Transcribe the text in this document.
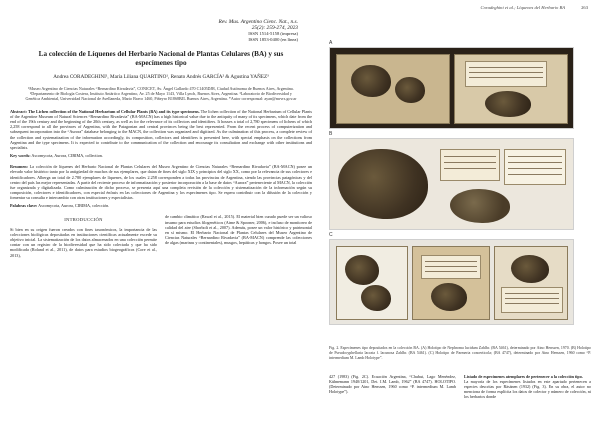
Coradeghini et al.; Líquenes del Herbario BA	263
Rev. Mus. Argentino Cienc. Nat., n.s.
25(2): 259-274, 2023
ISSN 1514-5158 (impresa)
ISSN 1853-0400 (en línea)
La colección de Líquenes del Herbario Nacional de Plantas Celulares (BA) y sus especímenes tipo
Andrea CORADEGHINI¹, María Liliana QUARTINO¹, Renato Andrés GARCÍA² & Agustina YAÑEZ³
¹Museo Argentino de Ciencias Naturales “Bernardino Rivadavia”, CONICET, Av. Ángel Gallardo 470 C1405DJR, Ciudad Autónoma de Buenos Aires, Argentina. ²Departamento de Biología Costera, Instituto Antártico Argentino, Av. 25 de Mayo 1143, Villa Lynch, Buenos Aires, Argentina. ³Laboratorio de Biodiversidad y Genética Ambiental, Universidad Nacional de Avellaneda, Mario Bravo 1460, Piñeyro B1868BJL Buenos Aires, Argentina. *Autor corresponsal: ayan@mrvrs.gov.ar
Abstract: The Lichen collection of the National Herbarium of Cellular Plants (BA) and its type specimens. The lichen collection of the National Herbarium of Cellular Plants of the Argentine Museum of Natural Sciences “Bernardino Rivadavia” (BA-MACN) has a high historical value due to the antiquity of many of its specimens, which date from the end of the 19th century and the beginning of the 20th century, as well as for the relevance of its collectors and identifiers. It houses a total of 2,780 specimens of lichens of which 2,258 correspond to all the provinces of Argentina, with the Patagonian and central provinces being the best represented. From the recent process of computerization and subsequent incorporation into the “Aurora” database belonging to the MACN, the collection was organized and digitized. As the culmination of this process, a complete review of the collection and systematization of the information accordingly, its composition, collectors and identifiers is presented here, with special emphasis on the collections from Argentina and the type specimens. It is expected to contribute to the communication of the collection and encourage its consultation and exchange with other institutions and specialists.
Key words: Ascomycota, Aurora, CIBIMA, collection.
Resumen: La colección de líquenes del Herbario Nacional de Plantas Celulares del Museo Argentino de Ciencias Naturales “Bernardino Rivadavia” (BA-MACN) posee un elevado valor histórico tanto por la antigüedad de muchos de sus ejemplares, que datan de fines del siglo XIX y principios del siglo XX, como por la relevancia de sus colectores e identificadores. Alberga un total de 2.780 ejemplares de líquenes, de los cuales 2.258 corresponden a todas las provincias de Argentina, siendo las provincias patagónicas y del centro del país las mejor representadas. A partir del reciente proceso de informatización y posterior incorporación a la base de datos “Aurora” perteneciente al MACN, la colección fue organizada y digitalizada. Como culminación de dicho proceso, se presenta aquí una completa revisión de la colección y sistematización de la información según su composición, colectores e identificadores, con especial énfasis en las colecciones de Argentina y los especímenes tipo. Se espera contribuir con la difusión de la colección y fomentar su consulta e intercambio con otras instituciones y especialistas.
Palabras clave: Ascomycota, Aurora, CIBIMA, colección.
INTRODUCCIÓN
Si bien en su origen fueron creados con fines taxonómicos, la importancia de las colecciones biológicas depositadas en instituciones científicas actualmente excede su objetivo inicial. La sistematización de los datos almacenados en una colección permite contar con un registro de la biodiversidad que ha sido colectada y que ha sido modificada (Roland et al., 2011), de datos para estudios biogeográficos (Core et al., 2013),
de cambio climático (Rawal et al., 2015). El material bien curado puede ser un valioso insumo para estudios filogenéticos (Aime & Spooner, 2006), e incluso de monitoreo de calidad del aire (Shorbolt et al., 2007). Además, posee un valor histórico y patrimonial en sí mismo. El Herbario Nacional de Plantas Celulares del Museo Argentino de Ciencias Naturales “Bernardino Rivadavia” (BA-MACN) comprende las colecciones de algas (marinas y continentales), musgos, hepáticas y hongos. Posee un total
A
B
C
Fig. 2. Especímenes tipo depositados en la colección BA. (A) Holotipo de Nephroma lucidum Zahlbr. (BA 5461), determinado por Aino Henssen, 1970. (B) Holotipo de Pseudocyphellaria lacrata f. lacunosa Zahlbr. (BA 5461). (C) Holotipo de Parmeria concerticola; (BA 4747), determinado por Aino Henssen, 1960 como “P. intermedium M. Lamb Holotype”.
427 (1983) (Fig. 2C). Ecuación Argentina, “Chubut, Lago Menéndez, Kühnemann 1940/1201, Det. I.M. Lamb, 1962” (BA 4747). HOLOTIPO. (Determinado por Aino Henssen, 1960 como “P. intermedium M. Lamb Holotype”).
Listado de especímenes atemplares de pertenecer a la colección tipo.
La mayoría de los especímenes listados en este apartado pertenecen a especies descritas por Räsänen (1932) (Fig. 3). En su obra, el autor no menciona de forma explícita los datos de colector y número de colección, ni los herbarios donde
